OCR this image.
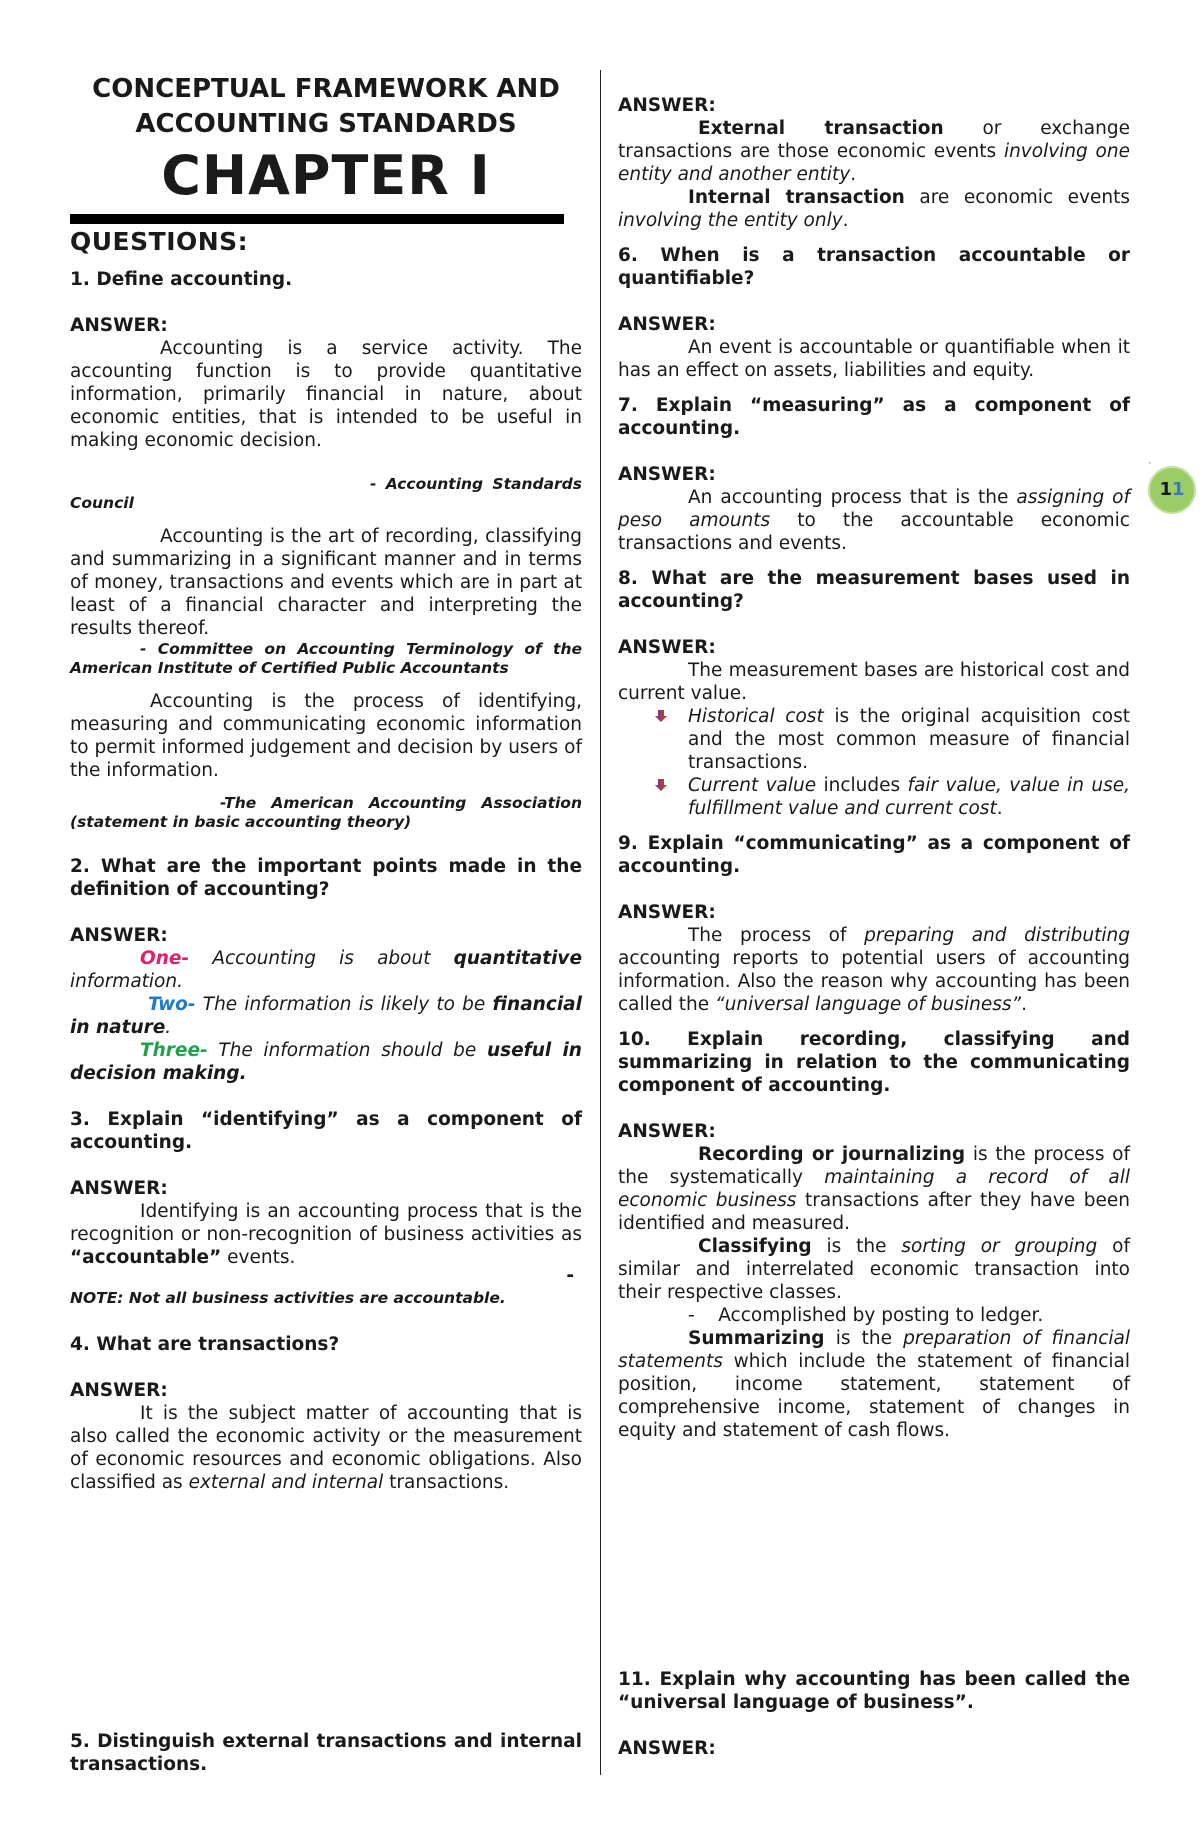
CONCEPTUAL FRAMEWORK AND
ACCOUNTING STANDARDS
CHAPTER I
QUESTIONS:

1. Define accounting.

ANSWER:

Accounting is a service activity. The accounting function is to provide quantitative information, primarily financial in nature, about economic entities, that is intended to be useful in making economic decision.

- Accounting Standards Council

Accounting is the art of recording, classifying and summarizing in a significant manner and in terms of money, transactions and events which are in part at least of a financial character and interpreting the results thereof.

- Committee on Accounting Terminology of the American Institute of Certified Public Accountants

Accounting is the process of identifying, measuring and communicating economic information to permit informed judgement and decision by users of the information.

-The American Accounting Association (statement in basic accounting theory)

2. What are the important points made in the definition of accounting?

ANSWER:

One- Accounting is about quantitative information.

Two- The information is likely to be financial in nature.

Three- The information should be useful in decision making.

3. Explain “identifying” as a component of accounting.

ANSWER:

Identifying is an accounting process that is the recognition or non-recognition of business activities as “accountable” events.

-

NOTE: Not all business activities are accountable.

4. What are transactions?

ANSWER:

It is the subject matter of accounting that is also called the economic activity or the measurement of economic resources and economic obligations. Also classified as external and internal transactions.

5. Distinguish external transactions and internal transactions.

ANSWER:

External transaction or exchange transactions are those economic events involving one entity and another entity.

Internal transaction are economic events involving the entity only.

6. When is a transaction accountable or quantifiable?

ANSWER:

An event is accountable or quantifiable when it has an effect on assets, liabilities and equity.

7. Explain “measuring” as a component of accounting.

ANSWER:

An accounting process that is the assigning of peso amounts to the accountable economic transactions and events.

8. What are the measurement bases used in accounting?

ANSWER:

The measurement bases are historical cost and current value.

Historical cost is the original acquisition cost and the most common measure of financial transactions.
Current value includes fair value, value in use, fulfillment value and current cost.

9. Explain “communicating” as a component of accounting.

ANSWER:

The process of preparing and distributing accounting reports to potential users of accounting information. Also the reason why accounting has been called the “universal language of business”.

10. Explain recording, classifying and summarizing in relation to the communicating component of accounting.

ANSWER:

Recording or journalizing is the process of the systematically maintaining a record of all economic business transactions after they have been identified and measured.

Classifying is the sorting or grouping of similar and interrelated economic transaction into their respective classes.

- Accomplished by posting to ledger.

Summarizing is the preparation of financial statements which include the statement of financial position, income statement, statement of comprehensive income, statement of changes in equity and statement of cash flows.

11. Explain why accounting has been called the “universal language of business”.

ANSWER:

·
11
